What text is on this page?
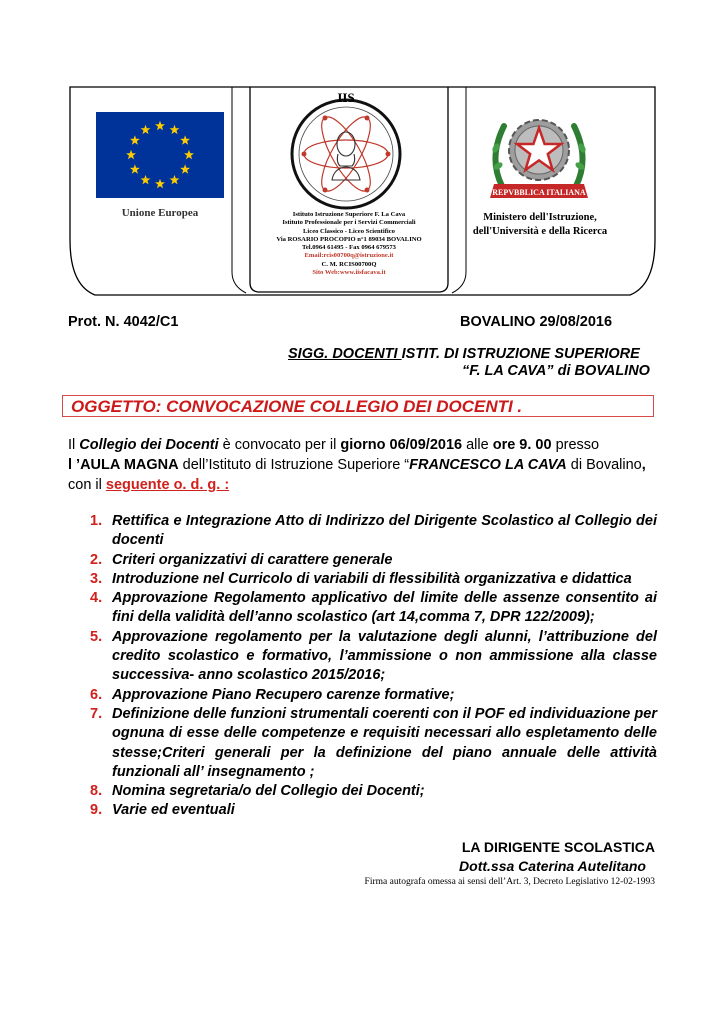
Unione Europea
IIS
Istituto Istruzione Superiore F. La Cava
Istituto Professionale per i Servizi Commerciali
Liceo Classico - Liceo Scientifico
Via ROSARIO PROCOPIO n°1 89034 BOVALINO
Tel.0964 61495 - Fax 0964 679573
Email:rcis00700q@istruzione.it
C. M. RCIS00700Q
Sito Web:www.iisfacava.it
REPVBBLICA ITALIANA
Ministero dell'Istruzione,
dell'Università e della Ricerca
Prot. N. 4042/C1	BOVALINO 29/08/2016
SIGG. DOCENTI ISTIT. DI ISTRUZIONE SUPERIORE
“F. LA CAVA” di BOVALINO
OGGETTO: CONVOCAZIONE COLLEGIO DEI DOCENTI .
Il Collegio dei Docenti è convocato per il giorno 06/09/2016 alle ore 9. 00 presso
l ’AULA MAGNA dell’Istituto di Istruzione Superiore “FRANCESCO LA CAVA di Bovalino,
con il seguente o. d. g. :
1. Rettifica e Integrazione Atto di Indirizzo del Dirigente Scolastico al Collegio dei docenti
2. Criteri organizzativi di carattere generale
3. Introduzione nel Curricolo di variabili di flessibilità organizzativa e didattica
4. Approvazione Regolamento applicativo del limite delle assenze consentito ai fini della validità dell’anno scolastico (art 14,comma 7, DPR 122/2009);
5. Approvazione regolamento per la valutazione degli alunni, l’attribuzione del credito scolastico e formativo, l’ammissione o non ammissione alla classe successiva- anno scolastico 2015/2016;
6. Approvazione Piano Recupero carenze formative;
7. Definizione delle funzioni strumentali coerenti con il POF ed individuazione per ognuna di esse delle competenze e requisiti necessari allo espletamento delle stesse;Criteri generali per la definizione del piano annuale delle attività funzionali all’ insegnamento ;
8. Nomina segretaria/o del Collegio dei Docenti;
9. Varie ed eventuali
LA DIRIGENTE SCOLASTICA
Dott.ssa Caterina Autelitano
Firma autografa omessa ai sensi dell’Art. 3, Decreto Legislativo 12-02-1993
